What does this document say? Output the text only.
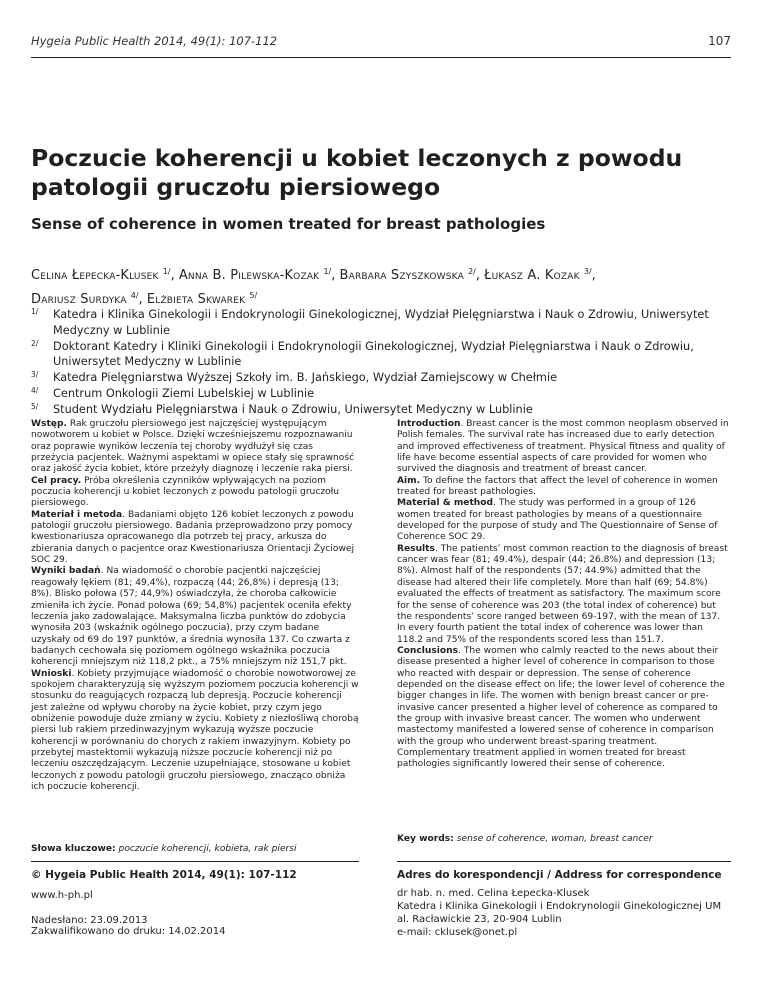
Hygeia Public Health 2014, 49(1): 107-112	107
Poczucie koherencji u kobiet leczonych z powodu patologii gruczołu piersiowego
Sense of coherence in women treated for breast pathologies
Celina Łepecka-Klusek $^{1/}$, Anna B. Pilewska-Kozak $^{1/}$, Barbara Szyszkowska $^{2/}$, Łukasz A. Kozak $^{3/}$,
Dariusz Surdyka $^{4/}$, Elżbieta Skwarek $^{5/}$
1/ Katedra i Klinika Ginekologii i Endokrynologii Ginekologicznej, Wydział Pielęgniarstwa i Nauk o Zdrowiu, Uniwersytet Medyczny w Lublinie
2/ Doktorant Katedry i Kliniki Ginekologii i Endokrynologii Ginekologicznej, Wydział Pielęgniarstwa i Nauk o Zdrowiu, Uniwersytet Medyczny w Lublinie
3/ Katedra Pielęgniarstwa Wyższej Szkoły im. B. Jańskiego, Wydział Zamiejscowy w Chełmie
4/ Centrum Onkologii Ziemi Lubelskiej w Lublinie
5/ Student Wydziału Pielęgniarstwa i Nauk o Zdrowiu, Uniwersytet Medyczny w Lublinie

Wstęp. Rak gruczołu piersiowego jest najczęściej występującym nowotworem u kobiet w Polsce. Dzięki wcześniejszemu rozpoznawaniu oraz poprawie wyników leczenia tej choroby wydłużył się czas przeżycia pacjentek. Ważnymi aspektami w opiece stały się sprawność oraz jakość życia kobiet, które przeżyły diagnozę i leczenie raka piersi.

Cel pracy. Próba określenia czynników wpływających na poziom poczucia koherencji u kobiet leczonych z powodu patologii gruczołu piersiowego.

Materiał i metoda. Badaniami objęto 126 kobiet leczonych z powodu patologii gruczołu piersiowego. Badania przeprowadzono przy pomocy kwestionariusza opracowanego dla potrzeb tej pracy, arkusza do zbierania danych o pacjentce oraz Kwestionariusza Orientacji Życiowej SOC 29.

Wyniki badań. Na wiadomość o chorobie pacjentki najczęściej reagowały lękiem (81; 49,4%), rozpaczą (44; 26,8%) i depresją (13; 8%). Blisko połowa (57; 44,9%) oświadczyła, że choroba całkowicie zmieniła ich życie. Ponad połowa (69; 54,8%) pacjentek oceniła efekty leczenia jako zadowalające. Maksymalna liczba punktów do zdobycia wynosiła 203 (wskaźnik ogólnego poczucia), przy czym badane uzyskały od 69 do 197 punktów, a średnia wynosiła 137. Co czwarta z badanych cechowała się poziomem ogólnego wskaźnika poczucia koherencji mniejszym niż 118,2 pkt., a 75% mniejszym niż 151,7 pkt.

Wnioski. Kobiety przyjmujące wiadomość o chorobie nowotworowej ze spokojem charakteryzują się wyższym poziomem poczucia koherencji w stosunku do reagujących rozpaczą lub depresją. Poczucie koherencji jest zależne od wpływu choroby na życie kobiet, przy czym jego obniżenie powoduje duże zmiany w życiu. Kobiety z niezłośliwą chorobą piersi lub rakiem przedinwazyjnym wykazują wyższe poczucie koherencji w porównaniu do chorych z rakiem inwazyjnym. Kobiety po przebytej mastektomii wykazują niższe poczucie koherencji niż po leczeniu oszczędzającym. Leczenie uzupełniające, stosowane u kobiet leczonych z powodu patologii gruczołu piersiowego, znacząco obniża ich poczucie koherencji.

Introduction. Breast cancer is the most common neoplasm observed in Polish females. The survival rate has increased due to early detection and improved effectiveness of treatment. Physical fitness and quality of life have become essential aspects of care provided for women who survived the diagnosis and treatment of breast cancer.

Aim. To define the factors that affect the level of coherence in women treated for breast pathologies.

Material & method. The study was performed in a group of 126 women treated for breast pathologies by means of a questionnaire developed for the purpose of study and The Questionnaire of Sense of Coherence SOC 29.

Results. The patients’ most common reaction to the diagnosis of breast cancer was fear (81; 49.4%), despair (44; 26.8%) and depression (13; 8%). Almost half of the respondents (57; 44.9%) admitted that the disease had altered their life completely. More than half (69; 54.8%) evaluated the effects of treatment as satisfactory. The maximum score for the sense of coherence was 203 (the total index of coherence) but the respondents’ score ranged between 69-197, with the mean of 137. In every fourth patient the total index of coherence was lower than 118.2 and 75% of the respondents scored less than 151.7.

Conclusions. The women who calmly reacted to the news about their disease presented a higher level of coherence in comparison to those who reacted with despair or depression. The sense of coherence depended on the disease effect on life; the lower level of coherence the bigger changes in life. The women with benign breast cancer or pre-invasive cancer presented a higher level of coherence as compared to the group with invasive breast cancer. The women who underwent mastectomy manifested a lowered sense of coherence in comparison with the group who underwent breast-sparing treatment. Complementary treatment applied in women treated for breast pathologies significantly lowered their sense of coherence.

Słowa kluczowe: poczucie koherencji, kobieta, rak piersi
Key words: sense of coherence, woman, breast cancer
© Hygeia Public Health 2014, 49(1): 107-112
www.h-ph.pl
Nadesłano: 23.09.2013
Zakwalifikowano do druku: 14.02.2014
Adres do korespondencji / Address for correspondence
dr hab. n. med. Celina Łepecka-Klusek
Katedra i Klinika Ginekologii i Endokrynologii Ginekologicznej UM
al. Racławickie 23, 20-904 Lublin
e-mail: cklusek@onet.pl
